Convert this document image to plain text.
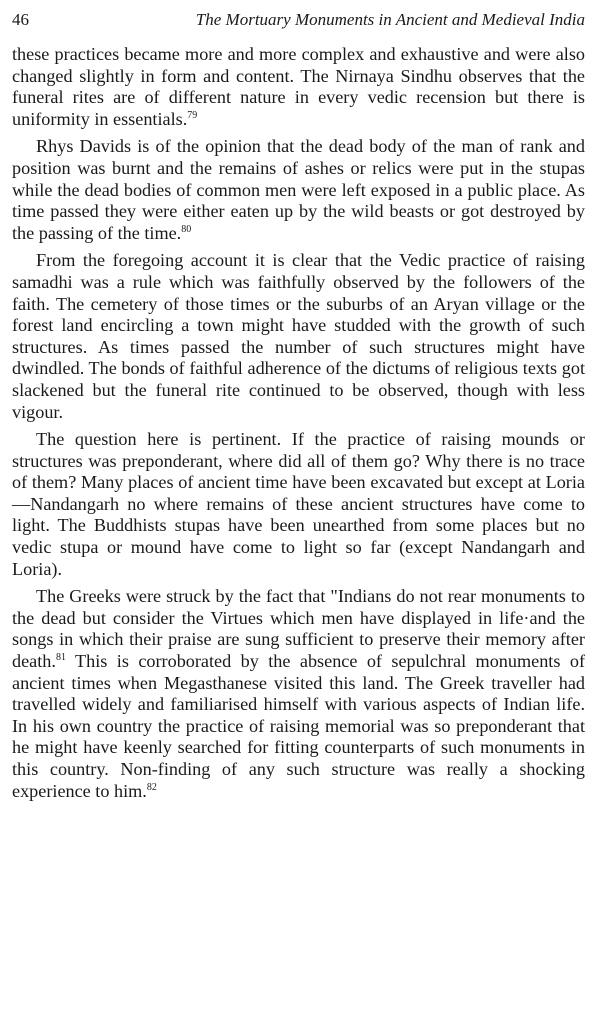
46	The Mortuary Monuments in Ancient and Medieval India

these practices became more and more complex and exhaustive and were also changed slightly in form and content. The Nirnaya Sindhu observes that the funeral rites are of different nature in every vedic recension but there is uniformity in essentials.$^{79}$

Rhys Davids is of the opinion that the dead body of the man of rank and position was burnt and the remains of ashes or relics were put in the stupas while the dead bodies of common men were left exposed in a public place. As time passed they were either eaten up by the wild beasts or got destroyed by the passing of the time.$^{80}$

From the foregoing account it is clear that the Vedic practice of raising samadhi was a rule which was faithfully observed by the followers of the faith. The cemetery of those times or the suburbs of an Aryan village or the forest land encircling a town might have studded with the growth of such structures. As times passed the number of such structures might have dwindled. The bonds of faithful adherence of the dictums of religious texts got slackened but the funeral rite continued to be observed, though with less vigour.

The question here is pertinent. If the practice of raising mounds or structures was preponderant, where did all of them go? Why there is no trace of them? Many places of ancient time have been excavated but except at Loria—Nandangarh no where remains of these ancient structures have come to light. The Buddhists stupas have been unearthed from some places but no vedic stupa or mound have come to light so far (except Nandangarh and Loria).

The Greeks were struck by the fact that "Indians do not rear monuments to the dead but consider the Virtues which men have displayed in life·and the songs in which their praise are sung sufficient to preserve their memory after death.$^{81}$ This is corroborated by the absence of sepulchral monuments of ancient times when Megasthanese visited this land. The Greek traveller had travelled widely and familiarised himself with various aspects of Indian life. In his own country the practice of raising memorial was so preponderant that he might have keenly searched for fitting counterparts of such monuments in this country. Non-finding of any such structure was really a shocking experience to him.$^{82}$
